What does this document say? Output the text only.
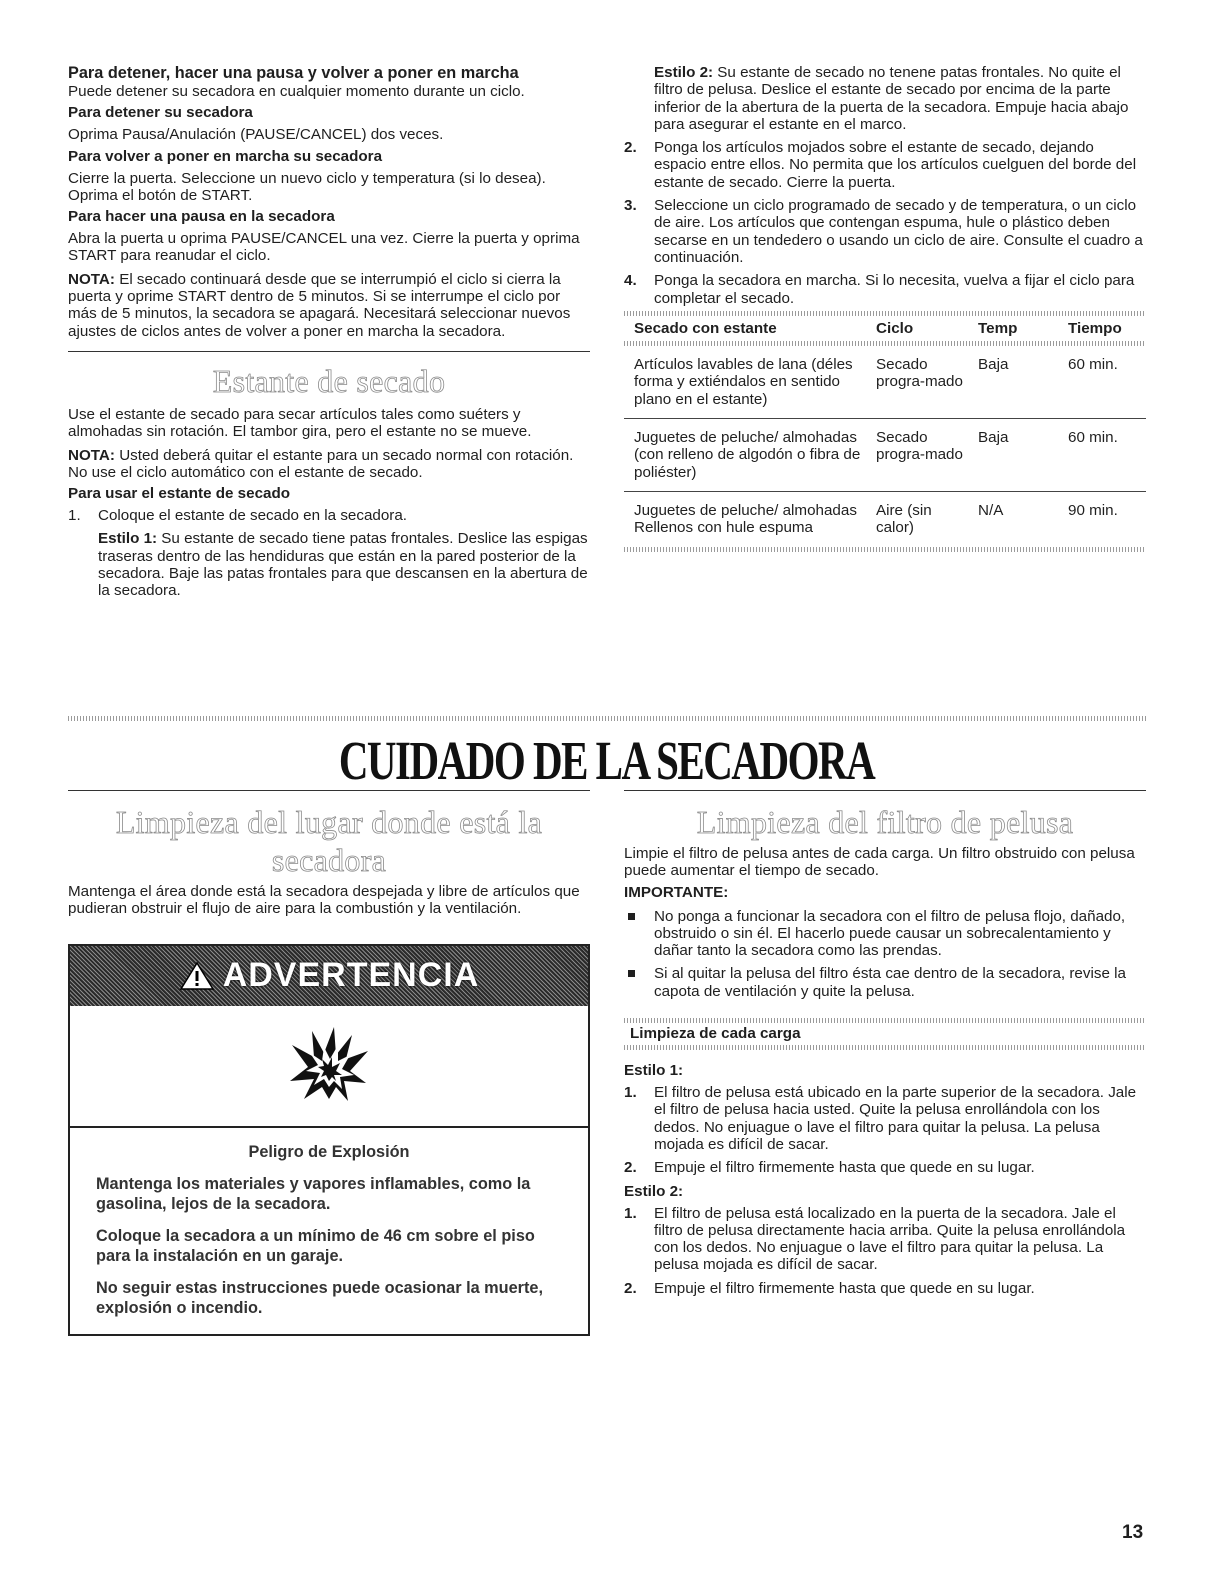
Para detener, hacer una pausa y volver a poner en marcha

Puede detener su secadora en cualquier momento durante un ciclo.

Para detener su secadora

Oprima Pausa/Anulación (PAUSE/CANCEL) dos veces.

Para volver a poner en marcha su secadora

Cierre la puerta. Seleccione un nuevo ciclo y temperatura (si lo desea). Oprima el botón de START.

Para hacer una pausa en la secadora

Abra la puerta u oprima PAUSE/CANCEL una vez. Cierre la puerta y oprima START para reanudar el ciclo.

NOTA: El secado continuará desde que se interrumpió el ciclo si cierra la puerta y oprime START dentro de 5 minutos. Si se interrumpe el ciclo por más de 5 minutos, la secadora se apagará. Necesitará seleccionar nuevos ajustes de ciclos antes de volver a poner en marcha la secadora.

Estante de secado

Use el estante de secado para secar artículos tales como suéters y almohadas sin rotación. El tambor gira, pero el estante no se mueve.

NOTA: Usted deberá quitar el estante para un secado normal con rotación. No use el ciclo automático con el estante de secado.

Para usar el estante de secado
1. Coloque el estante de secado en la secadora.

Estilo 1: Su estante de secado tiene patas frontales. Deslice las espigas traseras dentro de las hendiduras que están en la pared posterior de la secadora. Baje las patas frontales para que descansen en la abertura de la secadora.

Estilo 2: Su estante de secado no tenene patas frontales. No quite el filtro de pelusa. Deslice el estante de secado por encima de la parte inferior de la abertura de la puerta de la secadora. Empuje hacia abajo para asegurar el estante en el marco.

2. Ponga los artículos mojados sobre el estante de secado, dejando espacio entre ellos. No permita que los artículos cuelguen del borde del estante de secado. Cierre la puerta.
3. Seleccione un ciclo programado de secado y de temperatura, o un ciclo de aire. Los artículos que contengan espuma, hule o plástico deben secarse en un tendedero o usando un ciclo de aire. Consulte el cuadro a continuación.
4. Ponga la secadora en marcha. Si lo necesita, vuelva a fijar el ciclo para completar el secado.
Secado con estante	Ciclo	Temp	Tiempo

Artículos lavables de lana (déles forma y extiéndalos en sentido plano en el estante)	Secado progra-mado	Baja	60 min.
Juguetes de peluche/ almohadas (con relleno de algodón o fibra de poliéster)	Secado progra-mado	Baja	60 min.
Juguetes de peluche/ almohadas Rellenos con hule espuma	Aire (sin calor)	N/A	90 min.
CUIDADO DE LA SECADORA
Limpieza del lugar donde está la secadora

Mantenga el área donde está la secadora despejada y libre de artículos que pudieran obstruir el flujo de aire para la combustión y la ventilación.

ADVERTENCIA

Peligro de Explosión

Mantenga los materiales y vapores inflamables, como la gasolina, lejos de la secadora.

Coloque la secadora a un mínimo de 46 cm sobre el piso para la instalación en un garaje.

No seguir estas instrucciones puede ocasionar la muerte, explosión o incendio.

Limpieza del filtro de pelusa

Limpie el filtro de pelusa antes de cada carga. Un filtro obstruido con pelusa puede aumentar el tiempo de secado.

IMPORTANTE:
No ponga a funcionar la secadora con el filtro de pelusa flojo, dañado, obstruido o sin él. El hacerlo puede causar un sobrecalentamiento y dañar tanto la secadora como las prendas.
Si al quitar la pelusa del filtro ésta cae dentro de la secadora, revise la capota de ventilación y quite la pelusa.
Limpieza de cada carga
Estilo 1:
1. El filtro de pelusa está ubicado en la parte superior de la secadora. Jale el filtro de pelusa hacia usted. Quite la pelusa enrollándola con los dedos. No enjuague o lave el filtro para quitar la pelusa. La pelusa mojada es difícil de sacar.
2. Empuje el filtro firmemente hasta que quede en su lugar.
Estilo 2:
1. El filtro de pelusa está localizado en la puerta de la secadora. Jale el filtro de pelusa directamente hacia arriba. Quite la pelusa enrollándola con los dedos. No enjuague o lave el filtro para quitar la pelusa. La pelusa mojada es difícil de sacar.
2. Empuje el filtro firmemente hasta que quede en su lugar.
13
